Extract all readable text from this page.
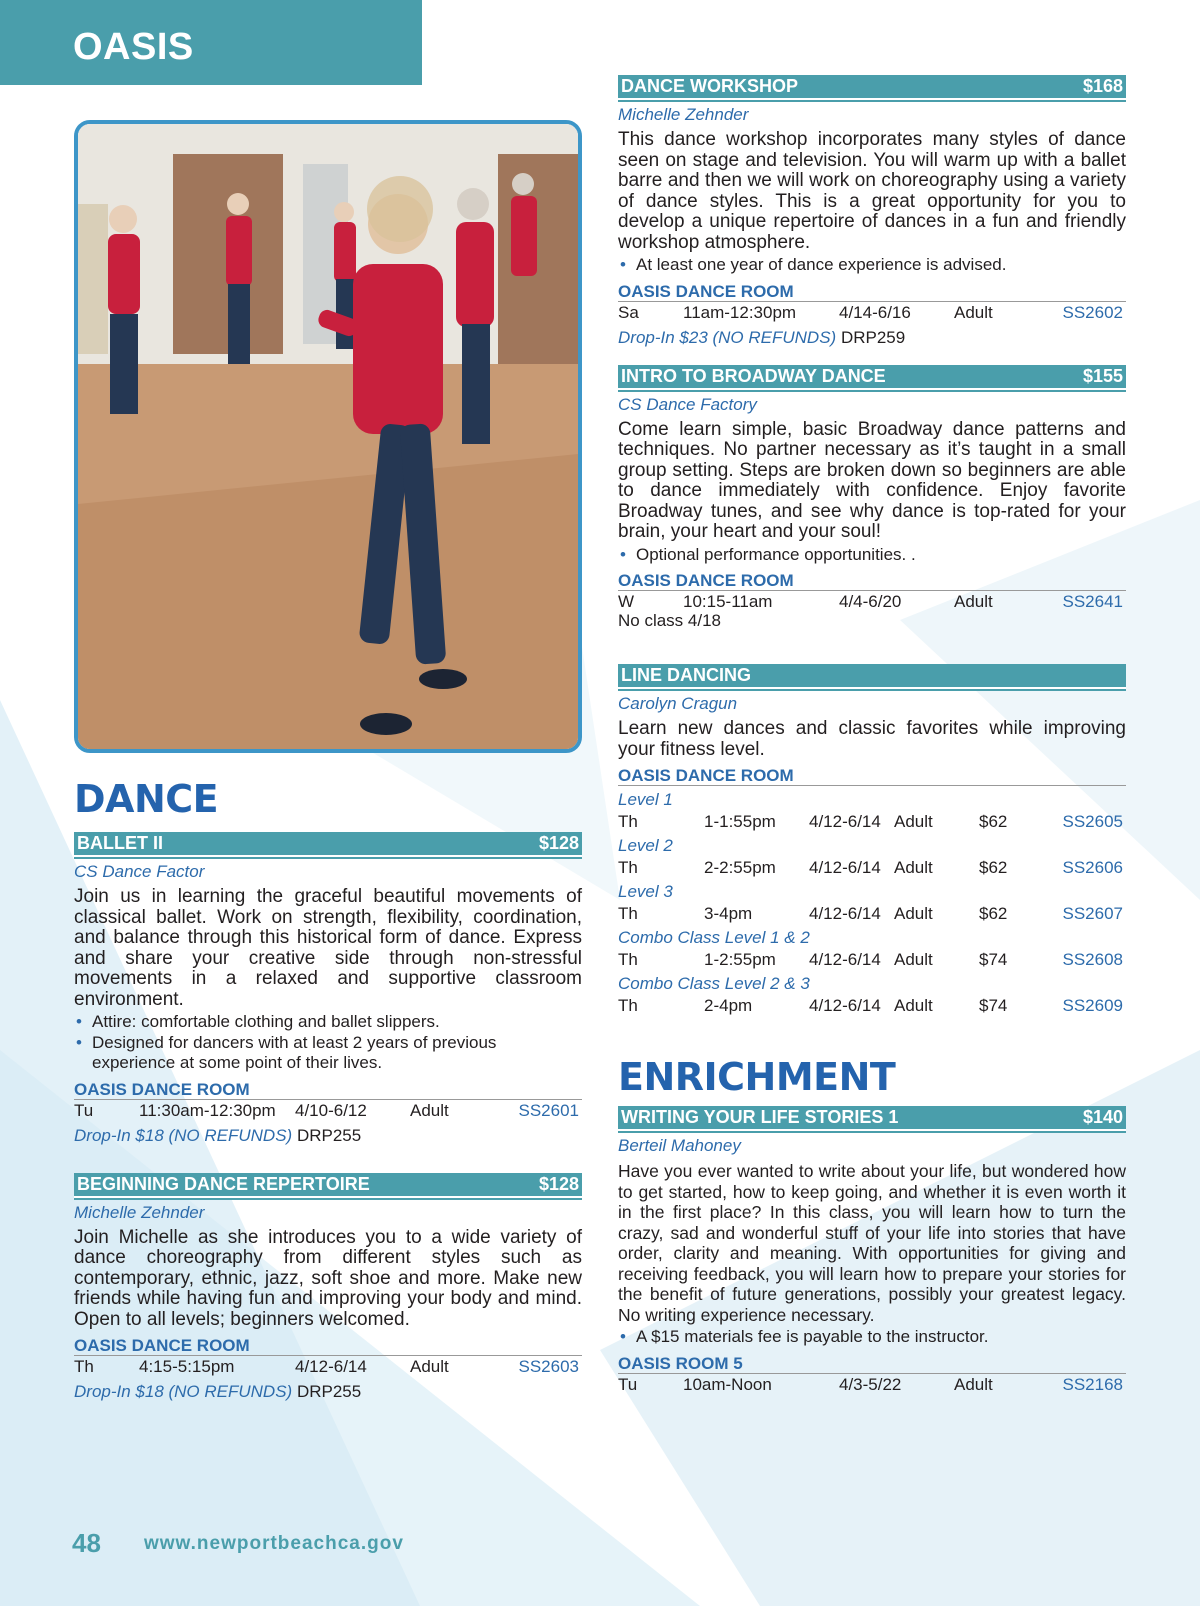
OASIS
DANCE
BALLET II	$128
CS Dance Factor
Join us in learning the graceful beautiful movements of classical ballet. Work on strength, flexibility, coordination, and balance through this historical form of dance. Express and share your creative side through non-stressful movements in a relaxed and supportive classroom environment.
• Attire: comfortable clothing and ballet slippers.
• Designed for dancers with at least 2 years of previous experience at some point of their lives.
OASIS DANCE ROOM
Tu	11:30am-12:30pm 4/10-6/12	Adult	SS2601
Drop-In $18 (NO REFUNDS) DRP255
BEGINNING DANCE REPERTOIRE	$128
Michelle Zehnder
Join Michelle as she introduces you to a wide variety of dance choreography from different styles such as contemporary, ethnic, jazz, soft shoe and more. Make new friends while having fun and improving your body and mind. Open to all levels; beginners welcomed.
OASIS DANCE ROOM
Th	4:15-5:15pm	4/12-6/14	Adult	SS2603
Drop-In $18 (NO REFUNDS) DRP255
DANCE WORKSHOP	$168
Michelle Zehnder
This dance workshop incorporates many styles of dance seen on stage and television. You will warm up with a ballet barre and then we will work on choreography using a variety of dance styles. This is a great opportunity for you to develop a unique repertoire of dances in a fun and friendly workshop atmosphere.
• At least one year of dance experience is advised.
OASIS DANCE ROOM
Sa	11am-12:30pm	4/14-6/16	Adult	SS2602
Drop-In $23 (NO REFUNDS) DRP259
INTRO TO BROADWAY DANCE	$155
CS Dance Factory
Come learn simple, basic Broadway dance patterns and techniques. No partner necessary as it’s taught in a small group setting. Steps are broken down so beginners are able to dance immediately with confidence. Enjoy favorite Broadway tunes, and see why dance is top-rated for your brain, your heart and your soul!
• Optional performance opportunities. .
OASIS DANCE ROOM
W	10:15-11am	4/4-6/20	Adult	SS2641
No class 4/18
LINE DANCING
Carolyn Cragun
Learn new dances and classic favorites while improving your fitness level.
OASIS DANCE ROOM
Level 1
Th	1-1:55pm 4/12-6/14 Adult	$62	SS2605
Level 2
Th	2-2:55pm 4/12-6/14 Adult	$62	SS2606
Level 3
Th	3-4pm	4/12-6/14 Adult	$62	SS2607
Combo Class Level 1 & 2
Th	1-2:55pm 4/12-6/14 Adult	$74	SS2608
Combo Class Level 2 & 3
Th	2-4pm	4/12-6/14 Adult	$74	SS2609
ENRICHMENT
WRITING YOUR LIFE STORIES 1	$140
Berteil Mahoney
Have you ever wanted to write about your life, but wondered how to get started, how to keep going, and whether it is even worth it in the first place? In this class, you will learn how to turn the crazy, sad and wonderful stuff of your life into stories that have order, clarity and meaning. With opportunities for giving and receiving feedback, you will learn how to prepare your stories for the benefit of future generations, possibly your greatest legacy. No writing experience necessary.
• A $15 materials fee is payable to the instructor.
OASIS ROOM 5
Tu	10am-Noon	4/3-5/22	Adult	SS2168
48 www.newportbeachca.gov
